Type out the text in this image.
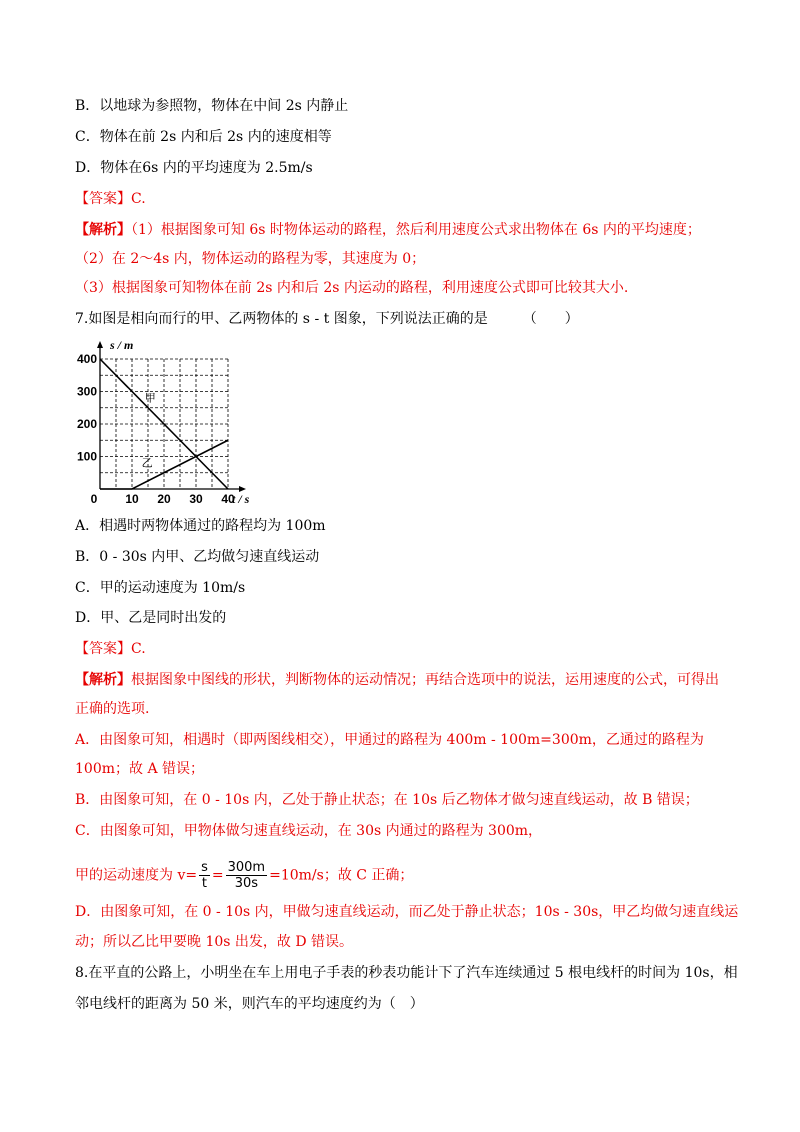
B．以地球为参照物，物体在中间 2s 内静止
C．物体在前 2s 内和后 2s 内的速度相等
D．物体在6s 内的平均速度为 2.5m/s
【答案】C.
【解析】（1）根据图象可知 6s 时物体运动的路程，然后利用速度公式求出物体在 6s 内的平均速度；
（2）在 2～4s 内，物体运动的路程为零，其速度为 0；
（3）根据图象可知物体在前 2s 内和后 2s 内运动的路程，利用速度公式即可比较其大小.
7.如图是相向而行的甲、乙两物体的 s - t 图象，下列说法正确的是　　　（　　）
0 10 20 30 40
100
200
300
400
t / s
s / m
甲
乙
A．相遇时两物体通过的路程均为 100m
B．0 - 30s 内甲、乙均做匀速直线运动
C．甲的运动速度为 10m/s
D．甲、乙是同时出发的
【答案】C.
【解析】根据图象中图线的形状，判断物体的运动情况；再结合选项中的说法，运用速度的公式，可得出
正确的选项.
A．由图象可知，相遇时（即两图线相交），甲通过的路程为 400m - 100m=300m，乙通过的路程为
100m；故 A 错误；
B．由图象可知，在 0 - 10s 内，乙处于静止状态；在 10s 后乙物体才做匀速直线运动，故 B 错误；
C．由图象可知，甲物体做匀速直线运动，在 30s 内通过的路程为 300m，
甲的运动速度为 $v= \frac{s}{t} = \frac{300m}{30s} =10m/s$；故 C 正确；
D．由图象可知，在 0 - 10s 内，甲做匀速直线运动，而乙处于静止状态；10s - 30s，甲乙均做匀速直线运
动；所以乙比甲要晚 10s 出发，故 D 错误。
8.在平直的公路上，小明坐在车上用电子手表的秒表功能计下了汽车连续通过 5 根电线杆的时间为 10s，相
邻电线杆的距离为 50 米，则汽车的平均速度约为（　）
